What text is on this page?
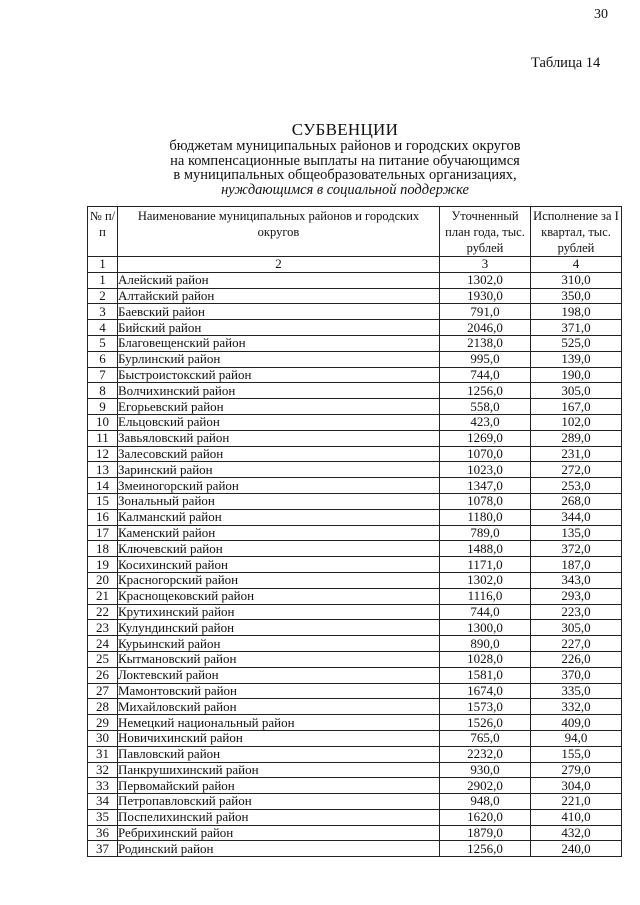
30
Таблица 14
СУБВЕНЦИИ
бюджетам муниципальных районов и городских округов
на компенсационные выплаты на питание обучающимся
в муниципальных общеобразовательных организациях,
нуждающимся в социальной поддержке
№ п/п	Наименование муниципальных районов и городских округов	Уточненный план года, тыс. рублей	Исполнение за I квартал, тыс. рублей
1	2	3	4
1	Алейский район	1302,0	310,0
2	Алтайский район	1930,0	350,0
3	Баевский район	791,0	198,0
4	Бийский район	2046,0	371,0
5	Благовещенский район	2138,0	525,0
6	Бурлинский район	995,0	139,0
7	Быстроистокский район	744,0	190,0
8	Волчихинский район	1256,0	305,0
9	Егорьевский район	558,0	167,0
10	Ельцовский район	423,0	102,0
11	Завьяловский район	1269,0	289,0
12	Залесовский район	1070,0	231,0
13	Заринский район	1023,0	272,0
14	Змеиногорский район	1347,0	253,0
15	Зональный район	1078,0	268,0
16	Калманский район	1180,0	344,0
17	Каменский район	789,0	135,0
18	Ключевский район	1488,0	372,0
19	Косихинский район	1171,0	187,0
20	Красногорский район	1302,0	343,0
21	Краснощековский район	1116,0	293,0
22	Крутихинский район	744,0	223,0
23	Кулундинский район	1300,0	305,0
24	Курьинский район	890,0	227,0
25	Кытмановский район	1028,0	226,0
26	Локтевский район	1581,0	370,0
27	Мамонтовский район	1674,0	335,0
28	Михайловский район	1573,0	332,0
29	Немецкий национальный район	1526,0	409,0
30	Новичихинский район	765,0	94,0
31	Павловский район	2232,0	155,0
32	Панкрушихинский район	930,0	279,0
33	Первомайский район	2902,0	304,0
34	Петропавловский район	948,0	221,0
35	Поспелихинский район	1620,0	410,0
36	Ребрихинский район	1879,0	432,0
37	Родинский район	1256,0	240,0
